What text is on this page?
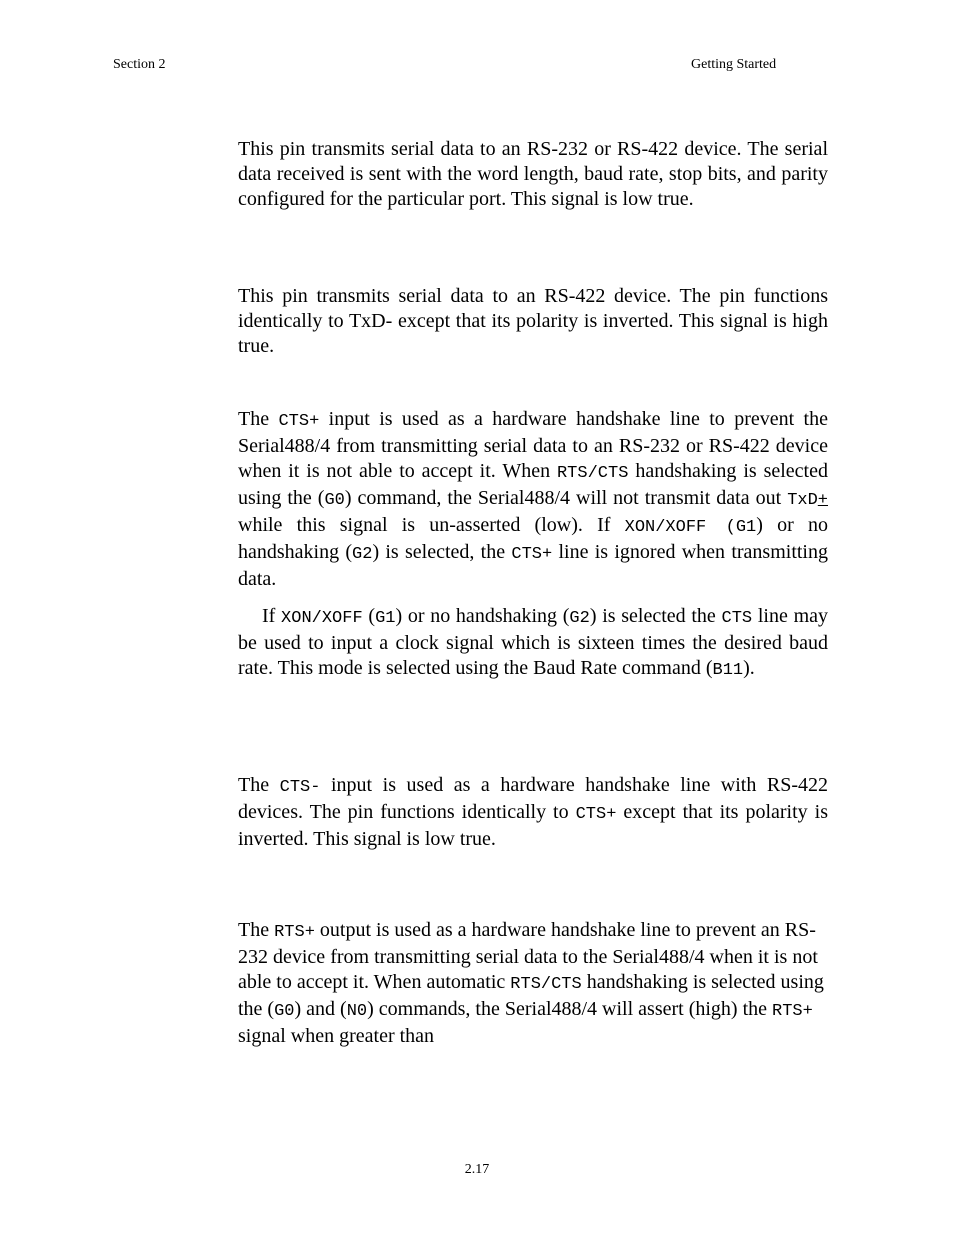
Section 2	Getting Started

This pin transmits serial data to an RS-232 or RS-422 device. The serial data received is sent with the word length, baud rate, stop bits, and parity configured for the particular port. This signal is low true.

This pin transmits serial data to an RS-422 device. The pin functions identically to TxD- except that its polarity is inverted. This signal is high true.

The CTS+ input is used as a hardware handshake line to prevent the Serial488/4 from transmitting serial data to an RS-232 or RS-422 device when it is not able to accept it. When RTS/CTS handshaking is selected using the (G0) command, the Serial488/4 will not transmit data out TxD+ while this signal is un-asserted (low). If XON/XOFF (G1) or no handshaking (G2) is selected, the CTS+ line is ignored when transmitting data.

If XON/XOFF (G1) or no handshaking (G2) is selected the CTS line may be used to input a clock signal which is sixteen times the desired baud rate. This mode is selected using the Baud Rate command (B11).

The CTS- input is used as a hardware handshake line with RS-422 devices. The pin functions identically to CTS+ except that its polarity is inverted. This signal is low true.

The RTS+ output is used as a hardware handshake line to prevent an RS-232 device from transmitting serial data to the Serial488/4 when it is not able to accept it. When automatic RTS/CTS handshaking is selected using the (G0) and (N0) commands, the Serial488/4 will assert (high) the RTS+ signal when greater than

2.17
